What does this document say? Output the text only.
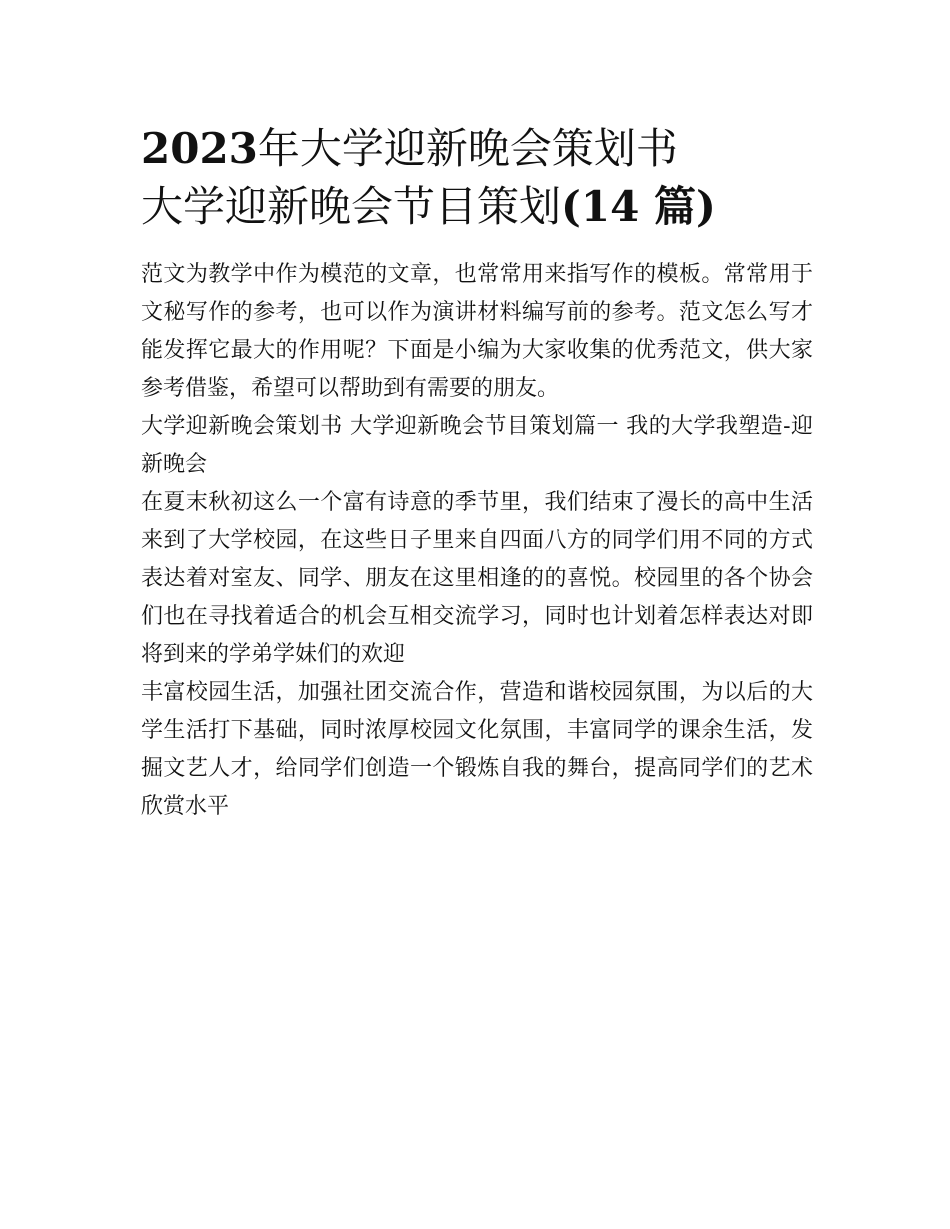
2023年大学迎新晚会策划书
大学迎新晚会节目策划(14 篇)

范文为教学中作为模范的文章，也常常用来指写作的模板。常常用于文秘写作的参考，也可以作为演讲材料编写前的参考。范文怎么写才能发挥它最大的作用呢？下面是小编为大家收集的优秀范文，供大家参考借鉴，希望可以帮助到有需要的朋友。

大学迎新晚会策划书 大学迎新晚会节目策划篇一 我的大学我塑造-迎新晚会

在夏末秋初这么一个富有诗意的季节里，我们结束了漫长的高中生活来到了大学校园，在这些日子里来自四面八方的同学们用不同的方式表达着对室友、同学、朋友在这里相逢的的喜悦。校园里的各个协会们也在寻找着适合的机会互相交流学习，同时也计划着怎样表达对即将到来的学弟学妹们的欢迎

丰富校园生活，加强社团交流合作，营造和谐校园氛围，为以后的大学生活打下基础，同时浓厚校园文化氛围，丰富同学的课余生活，发掘文艺人才，给同学们创造一个锻炼自我的舞台，提高同学们的艺术欣赏水平
